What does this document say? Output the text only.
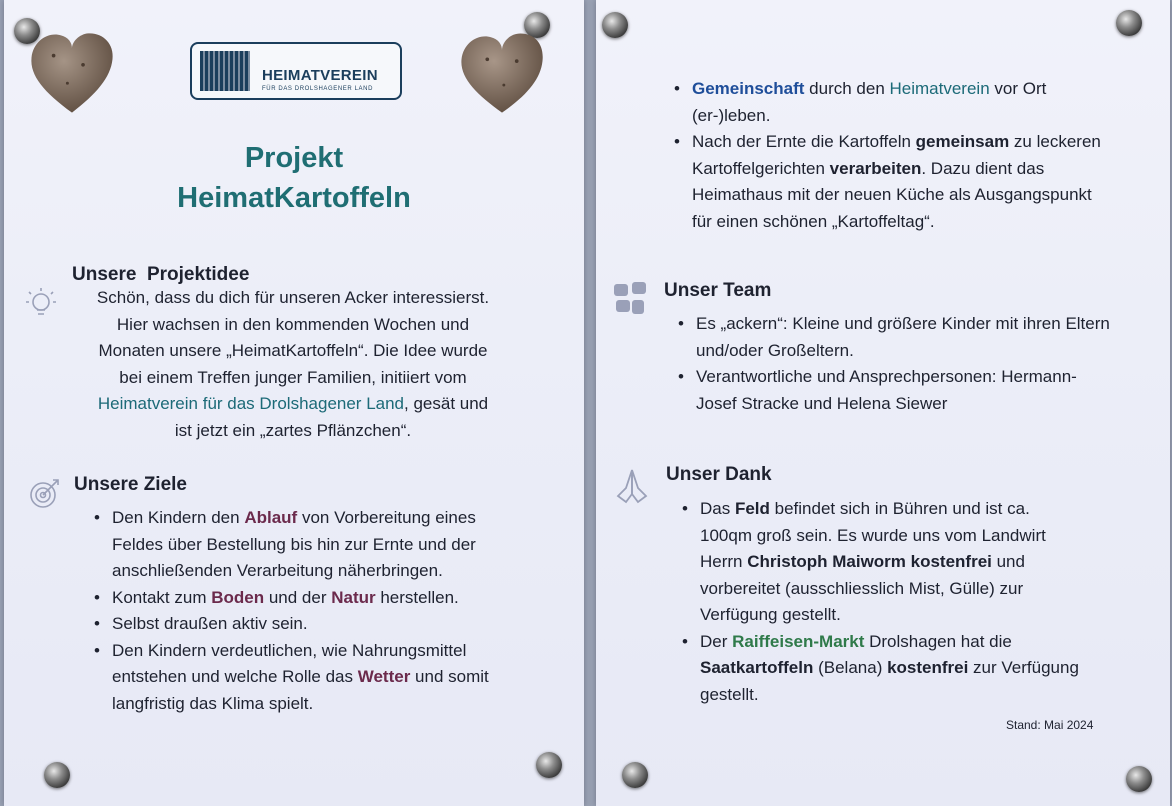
HEIMATVEREIN
FÜR DAS DROLSHAGENER LAND
Projekt
HeimatKartoffeln
Unsere  Projektidee
Schön, dass du dich für unseren Acker interessierst.
Hier wachsen in den kommenden Wochen und
Monaten unsere „HeimatKartoffeln“. Die Idee wurde
bei einem Treffen junger Familien, initiiert vom
Heimatverein für das Drolshagener Land, gesät und
ist jetzt ein „zartes Pflänzchen“.
Unsere Ziele
• Den Kindern den Ablauf von Vorbereitung eines Feldes über Bestellung bis hin zur Ernte und der anschließenden Verarbeitung näherbringen.
• Kontakt zum Boden und der Natur herstellen.
• Selbst draußen aktiv sein.
• Den Kindern verdeutlichen, wie Nahrungsmittel entstehen und welche Rolle das Wetter und somit langfristig das Klima spielt.
• Gemeinschaft durch den Heimatverein vor Ort (er-)leben.
• Nach der Ernte die Kartoffeln gemeinsam zu leckeren Kartoffelgerichten verarbeiten. Dazu dient das Heimathaus mit der neuen Küche als Ausgangspunkt für einen schönen „Kartoffeltag“.
Unser Team
• Es „ackern“: Kleine und größere Kinder mit ihren Eltern und/oder Großeltern.
• Verantwortliche und Ansprechpersonen: Hermann-Josef Stracke und Helena Siewer
Unser Dank
• Das Feld befindet sich in Bühren und ist ca. 100qm groß sein. Es wurde uns vom Landwirt Herrn Christoph Maiworm kostenfrei und vorbereitet (ausschliesslich Mist, Gülle) zur Verfügung gestellt.
• Der Raiffeisen-Markt Drolshagen hat die Saatkartoffeln (Belana) kostenfrei zur Verfügung gestellt.
Stand: Mai 2024
